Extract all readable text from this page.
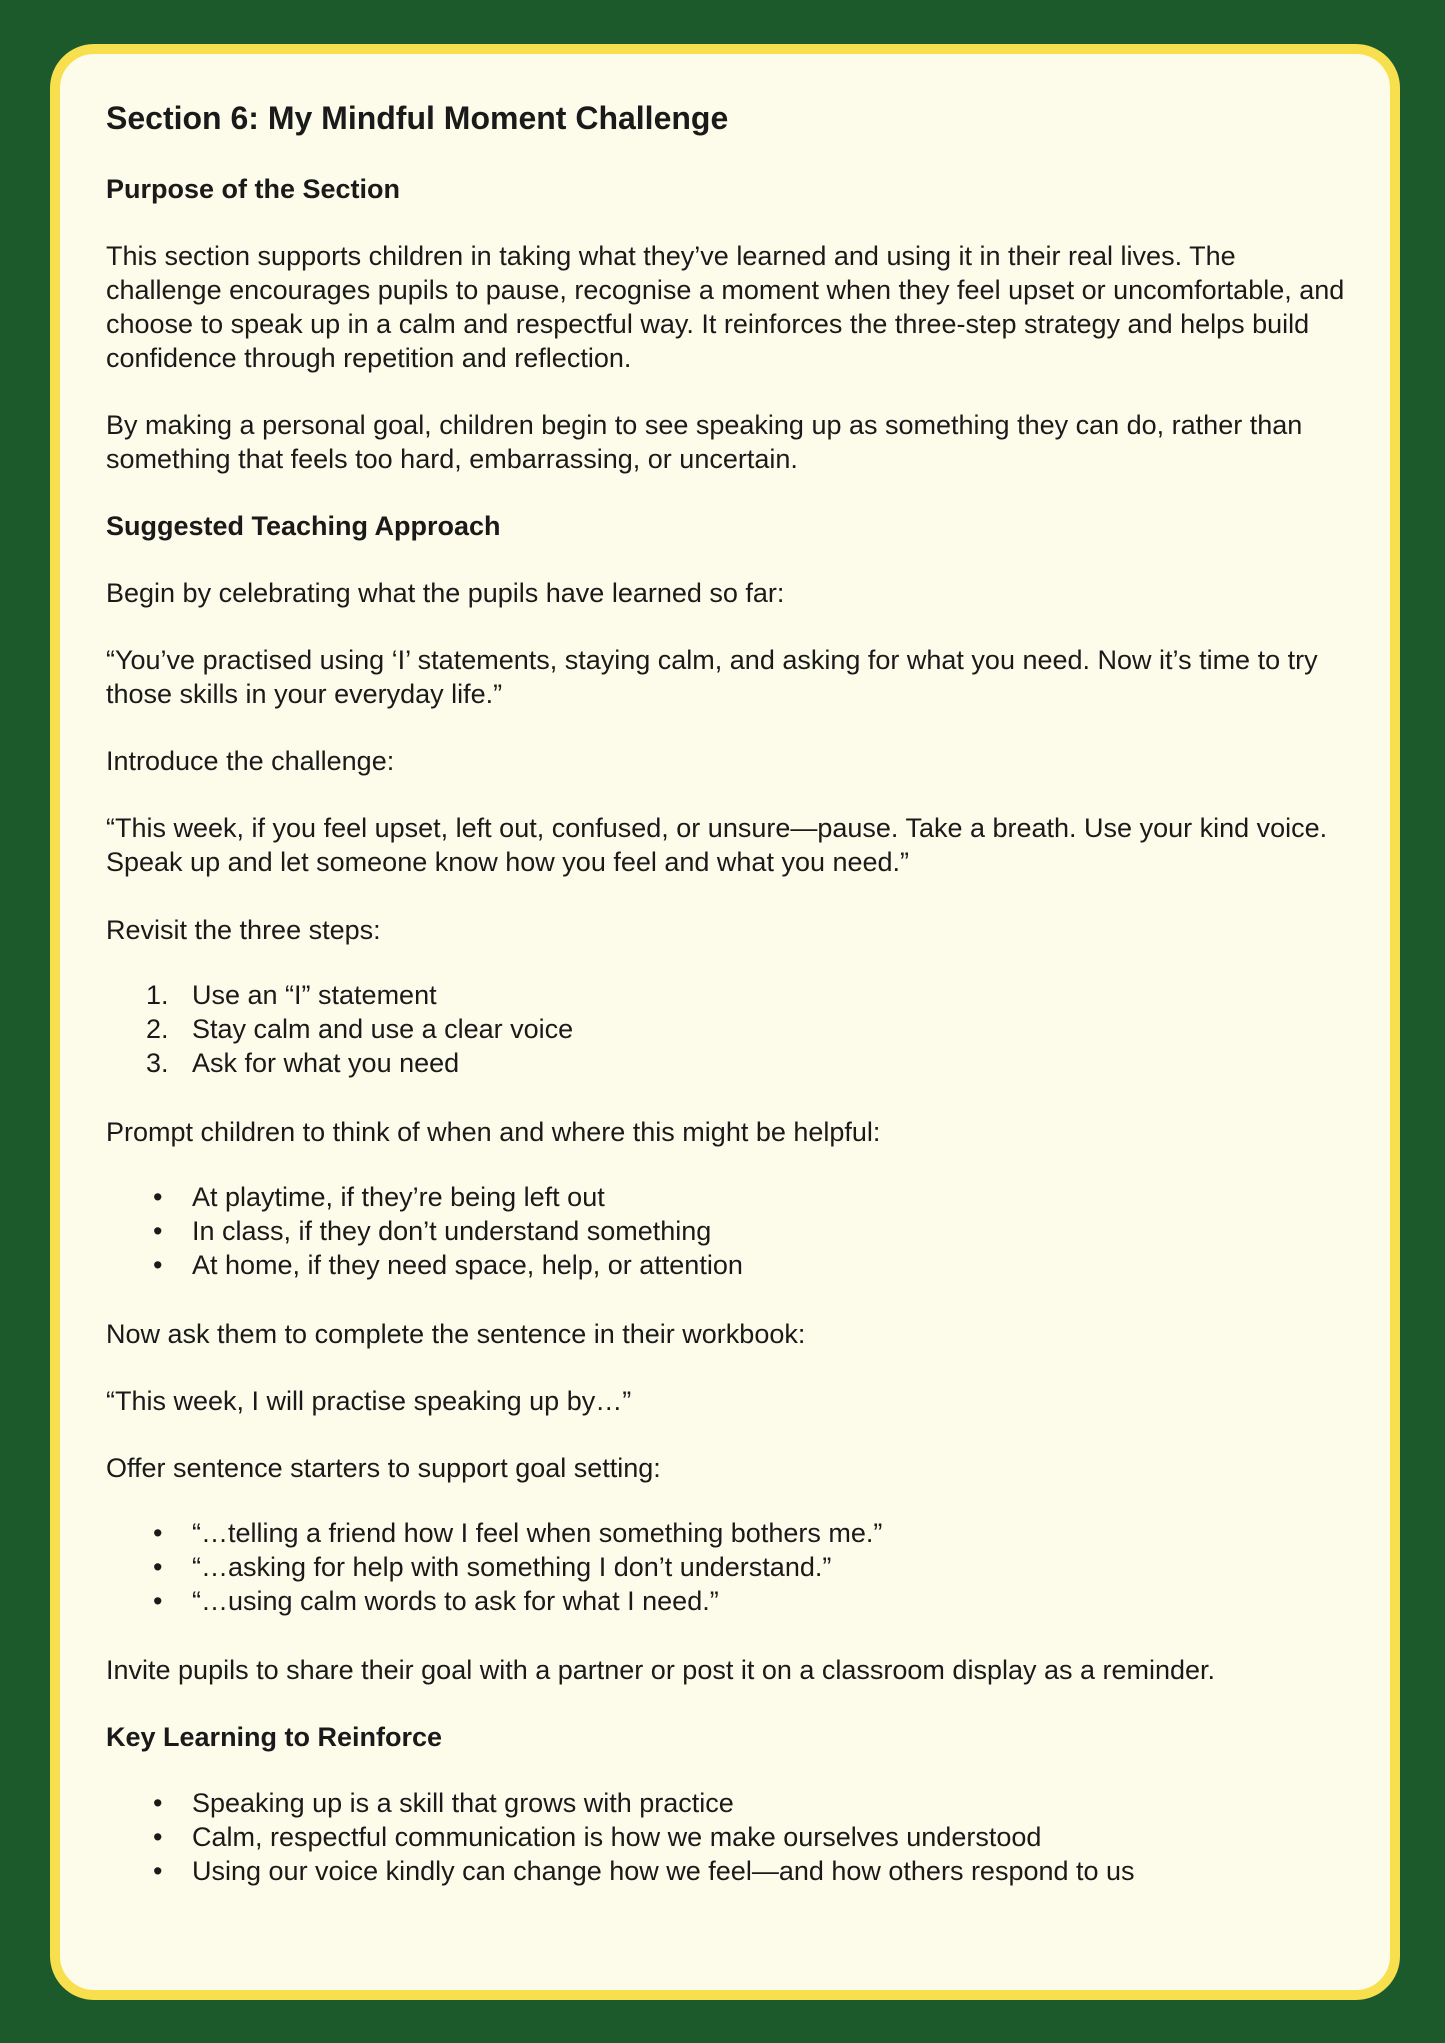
Section 6: My Mindful Moment Challenge
Purpose of the Section
This section supports children in taking what they’ve learned and using it in their real lives. The challenge encourages pupils to pause, recognise a moment when they feel upset or uncomfortable, and choose to speak up in a calm and respectful way. It reinforces the three-step strategy and helps build confidence through repetition and reflection.
By making a personal goal, children begin to see speaking up as something they can do, rather than something that feels too hard, embarrassing, or uncertain.
Suggested Teaching Approach
Begin by celebrating what the pupils have learned so far:
“You’ve practised using ‘I’ statements, staying calm, and asking for what you need. Now it’s time to try those skills in your everyday life.”
Introduce the challenge:
“This week, if you feel upset, left out, confused, or unsure—pause. Take a breath. Use your kind voice. Speak up and let someone know how you feel and what you need.”
Revisit the three steps:
1. Use an “I” statement
2. Stay calm and use a clear voice
3. Ask for what you need
Prompt children to think of when and where this might be helpful:
• At playtime, if they’re being left out
• In class, if they don’t understand something
• At home, if they need space, help, or attention
Now ask them to complete the sentence in their workbook:
“This week, I will practise speaking up by…”
Offer sentence starters to support goal setting:
• “…telling a friend how I feel when something bothers me.”
• “…asking for help with something I don’t understand.”
• “…using calm words to ask for what I need.”
Invite pupils to share their goal with a partner or post it on a classroom display as a reminder.
Key Learning to Reinforce
• Speaking up is a skill that grows with practice
• Calm, respectful communication is how we make ourselves understood
• Using our voice kindly can change how we feel—and how others respond to us
